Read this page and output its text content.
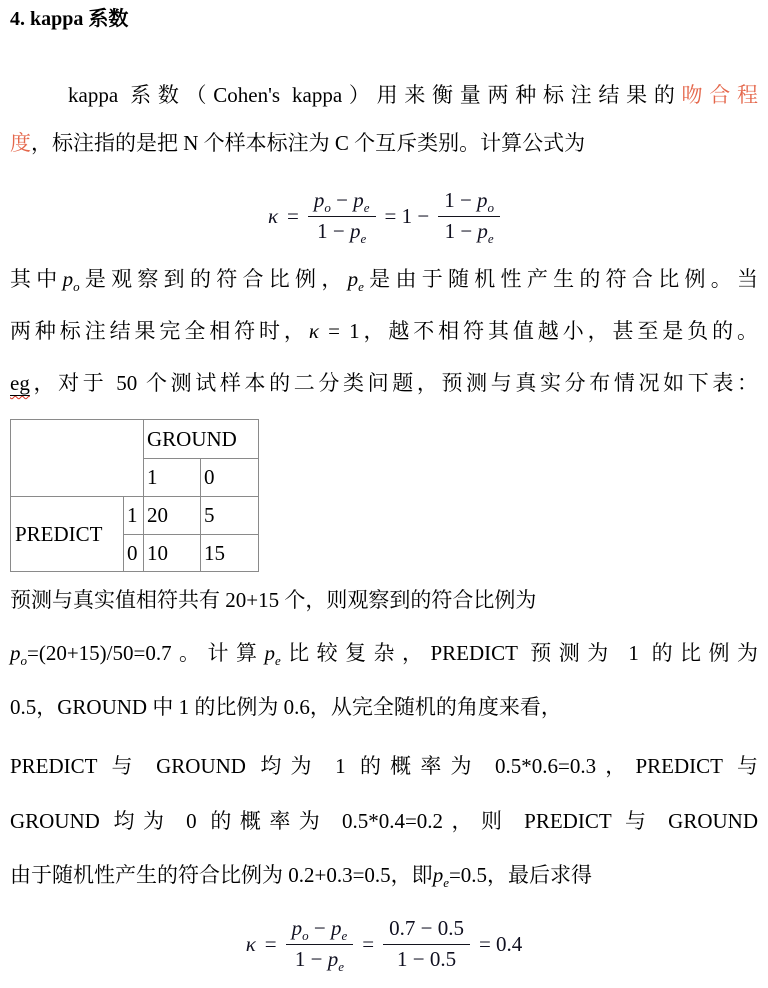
4. kappa 系数

kappa 系数（Cohen's kappa）用来衡量两种标注结果的吻合程

度，标注指的是把 N 个样本标注为 C 个互斥类别。计算公式为

$\kappa = \frac{p_o - p_e}{1 - p_e} = 1 - \frac{1 - p_o}{1 - p_e}$

其中$p_o$是观察到的符合比例，$p_e$是由于随机性产生的符合比例。当

两种标注结果完全相符时，κ = 1，越不相符其值越小，甚至是负的。

eg，对于 50 个测试样本的二分类问题，预测与真实分布情况如下表：

		GROUND	
		1	0
PREDICT	1	20	5
	0	10	15

预测与真实值相符共有 20+15 个，则观察到的符合比例为

$p_o=(20+15)/50=0.7$。计算$p_e$比较复杂，PREDICT 预测为 1 的比例为

0.5，GROUND 中 1 的比例为 0.6，从完全随机的角度来看，

PREDICT 与 GROUND 均为 1 的概率为 0.5*0.6=0.3，PREDICT 与

GROUND 均为 0 的概率为 0.5*0.4=0.2，则 PREDICT 与 GROUND

由于随机性产生的符合比例为 0.2+0.3=0.5，即$p_e=0.5$，最后求得

$\kappa = \frac{p_o - p_e}{1 - p_e} = \frac{0.7 - 0.5}{1 - 0.5} = 0.4$
